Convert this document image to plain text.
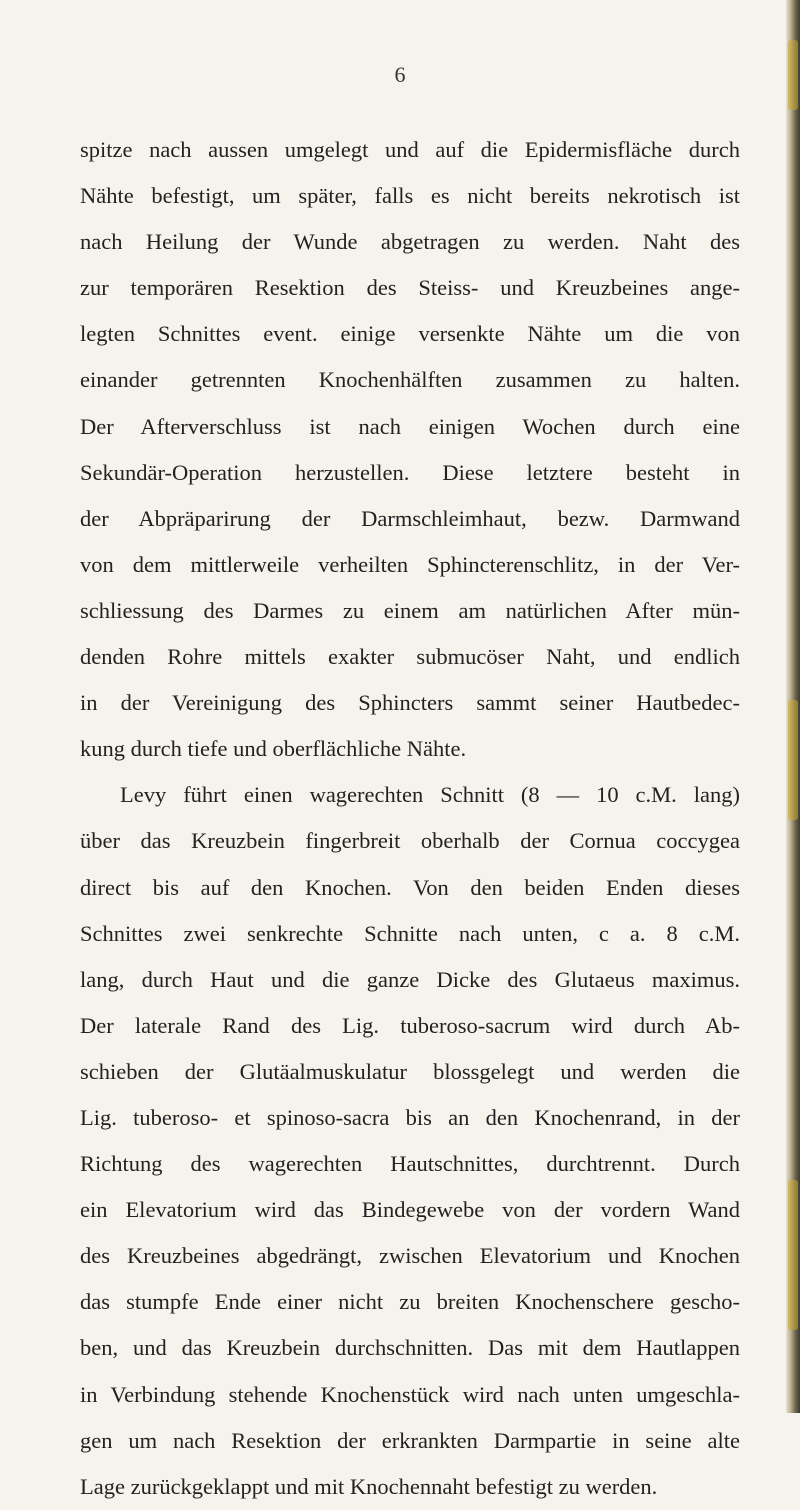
6
spitze nach aussen umgelegt und auf die Epidermisfläche durch
Nähte befestigt, um später, falls es nicht bereits nekrotisch ist
nach Heilung der Wunde abgetragen zu werden. Naht des
zur temporären Resektion des Steiss- und Kreuzbeines ange-
legten Schnittes event. einige versenkte Nähte um die von
einander getrennten Knochenhälften zusammen zu halten.
Der Afterverschluss ist nach einigen Wochen durch eine
Sekundär-Operation herzustellen. Diese letztere besteht in
der Abpräparirung der Darmschleimhaut, bezw. Darmwand
von dem mittlerweile verheilten Sphincterenschlitz, in der Ver-
schliessung des Darmes zu einem am natürlichen After mün-
denden Rohre mittels exakter submucöser Naht, und endlich
in der Vereinigung des Sphincters sammt seiner Hautbedec-
kung durch tiefe und oberflächliche Nähte.
Levy führt einen wagerechten Schnitt (8 — 10 c.M. lang)
über das Kreuzbein fingerbreit oberhalb der Cornua coccygea
direct bis auf den Knochen. Von den beiden Enden dieses
Schnittes zwei senkrechte Schnitte nach unten, c a. 8 c.M.
lang, durch Haut und die ganze Dicke des Glutaeus maximus.
Der laterale Rand des Lig. tuberoso-sacrum wird durch Ab-
schieben der Glutäalmuskulatur blossgelegt und werden die
Lig. tuberoso- et spinoso-sacra bis an den Knochenrand, in der
Richtung des wagerechten Hautschnittes, durchtrennt. Durch
ein Elevatorium wird das Bindegewebe von der vordern Wand
des Kreuzbeines abgedrängt, zwischen Elevatorium und Knochen
das stumpfe Ende einer nicht zu breiten Knochenschere gescho-
ben, und das Kreuzbein durchschnitten. Das mit dem Hautlappen
in Verbindung stehende Knochenstück wird nach unten umgeschla-
gen um nach Resektion der erkrankten Darmpartie in seine alte
Lage zurückgeklappt und mit Knochennaht befestigt zu werden.
